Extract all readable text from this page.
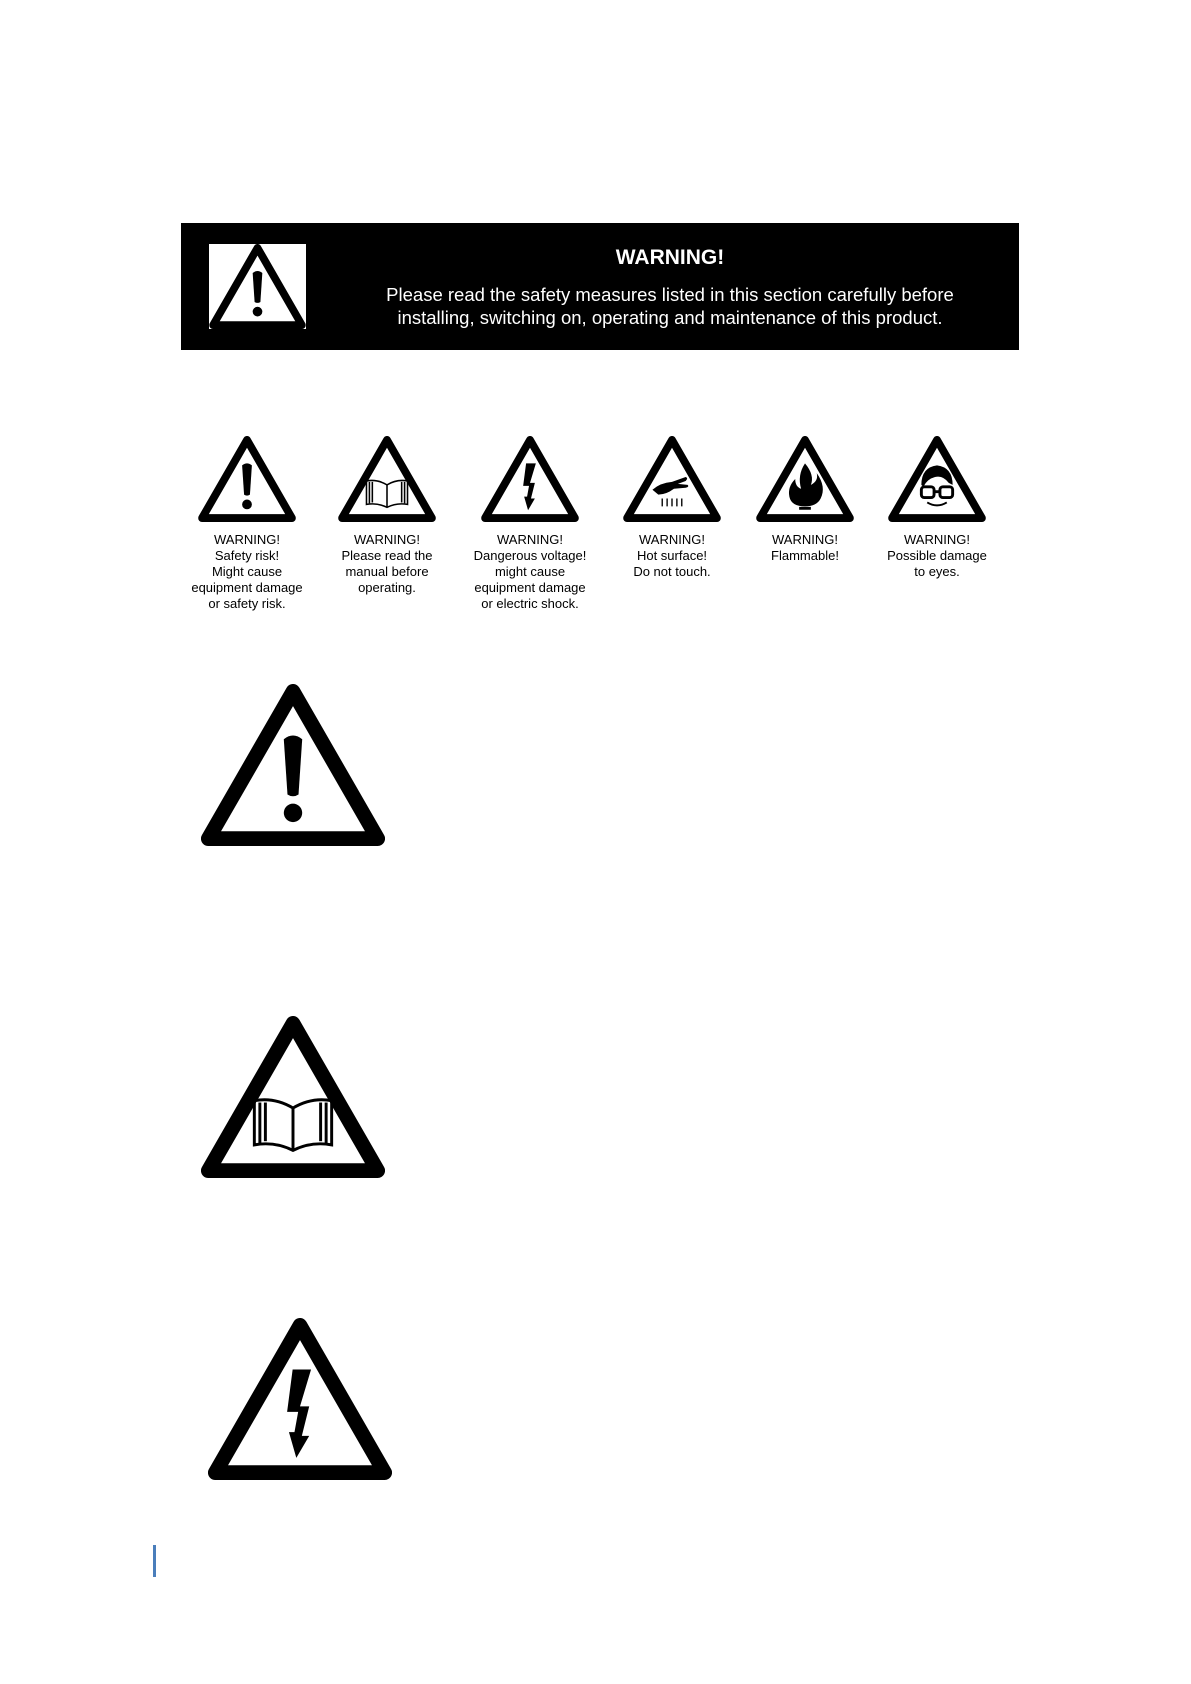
WARNING!
Please read the safety measures listed in this section carefully before
installing, switching on, operating and maintenance of this product.
WARNING!
Safety risk!
Might cause
equipment damage
or safety risk.
WARNING!
Please read the
manual before
operating.
WARNING!
Dangerous voltage!
might cause
equipment damage
or electric shock.
WARNING!
Hot surface!
Do not touch.
WARNING!
Flammable!
WARNING!
Possible damage
to eyes.
